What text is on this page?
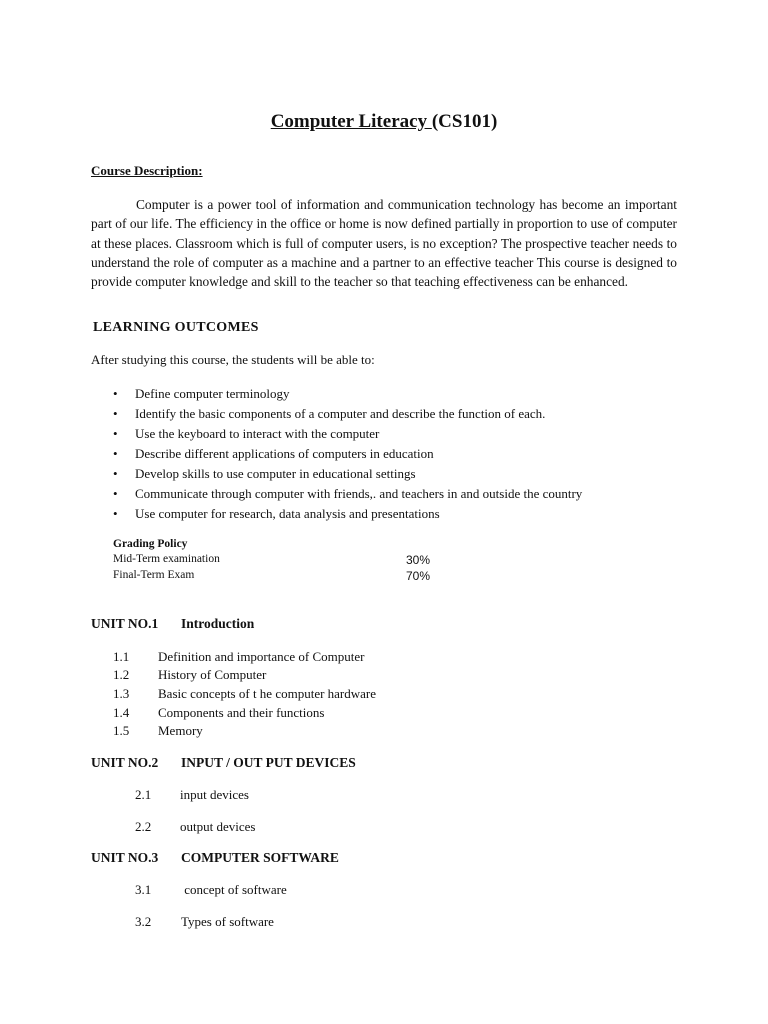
Computer Literacy (CS101)
Course Description:
Computer is a power tool of information and communication technology has become an important part of our life. The efficiency in the office or home is now defined partially in proportion to use of computer at these places. Classroom which is full of computer users, is no exception? The prospective teacher needs to understand the role of computer as a machine and a partner to an effective teacher This course is designed to provide computer knowledge and skill to the teacher so that teaching effectiveness can be enhanced.
LEARNING OUTCOMES
After studying this course, the students will be able to:
• Define computer terminology
• Identify the basic components of a computer and describe the function of each.
• Use the keyboard to interact with the computer
• Describe different applications of computers in education
• Develop skills to use computer in educational settings
• Communicate through computer with friends,. and teachers in and outside the country
• Use computer for research, data analysis and presentations
Grading Policy
Mid-Term examination	30%
Final-Term Exam	70%
UNIT NO.1 Introduction
1.1 Definition and importance of Computer
1.2 History of Computer
1.3 Basic concepts of t he computer hardware
1.4 Components and their functions
1.5 Memory
UNIT NO.2 INPUT / OUT PUT DEVICES
2.1 input devices
2.2 output devices
UNIT NO.3 COMPUTER SOFTWARE
3.1 concept of software
3.2 Types of software
